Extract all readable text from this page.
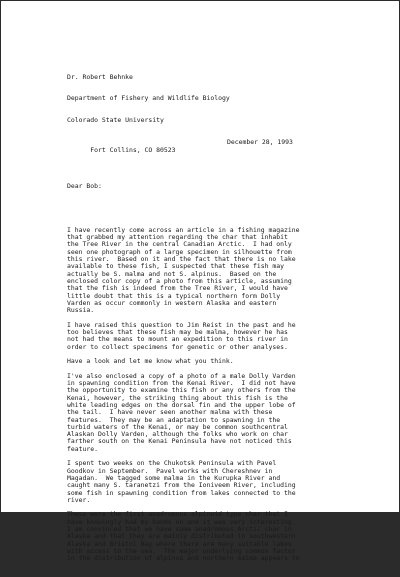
Dr. Robert Behnke

Department of Fishery and Wildlife Biology

Colorado State University

Fort Collins, CO 80523

December 28, 1993

Dear Bob:

I have recently come across an article in a fishing magazine
that grabbed my attention regarding the char that inhabit
the Tree River in the central Canadian Arctic.  I had only
seen one photograph of a large specimen in silhouette from
this river.  Based on it and the fact that there is no lake
available to these fish, I suspected that these fish may
actually be S. malma and not S. alpinus.  Based on the
enclosed color copy of a photo from this article, assuming
that the fish is indeed from the Tree River, I would have
little doubt that this is a typical northern form Dolly
Varden as occur commonly in western Alaska and eastern
Russia.
I have raised this question to Jim Reist in the past and he
too believes that these fish may be malma, however he has
not had the means to mount an expedition to this river in
order to collect specimens for genetic or other analyses.
Have a look and let me know what you think.
I've also enclosed a copy of a photo of a male Dolly Varden
in spawning condition from the Kenai River.  I did not have
the opportunity to examine this fish or any others from the
Kenai, however, the striking thing about this fish is the
white leading edges on the dorsal fin and the upper lobe of
the tail.  I have never seen another malma with these
features.  They may be an adaptation to spawning in the
turbid waters of the Kenai, or may be common southcentral
Alaskan Dolly Varden, although the folks who work on char
farther south on the Kenai Peninsula have not noticed this
feature.
I spent two weeks on the Chukotsk Peninsula with Pavel
Goodkov in September.  Pavel works with Chereshnev in
Magadan.  We tagged some malma in the Kurupka River and
caught many S. taranetzi from the Ioniveem River, including
some fish in spawning condition from lakes connected to the
river.
These were the first anadromous alpinoid type char that I
have knowingly had my hands on and it was very interesting.
I am convinced that we have some anadromous Arctic char in
Alaska and that they are mainly distributed in southwestern
Alaska and Bristol Bay where there are many suitable lakes
with access to the sea.  The major underlying common factor
in the distribution of alpinus and northern malma appears to
